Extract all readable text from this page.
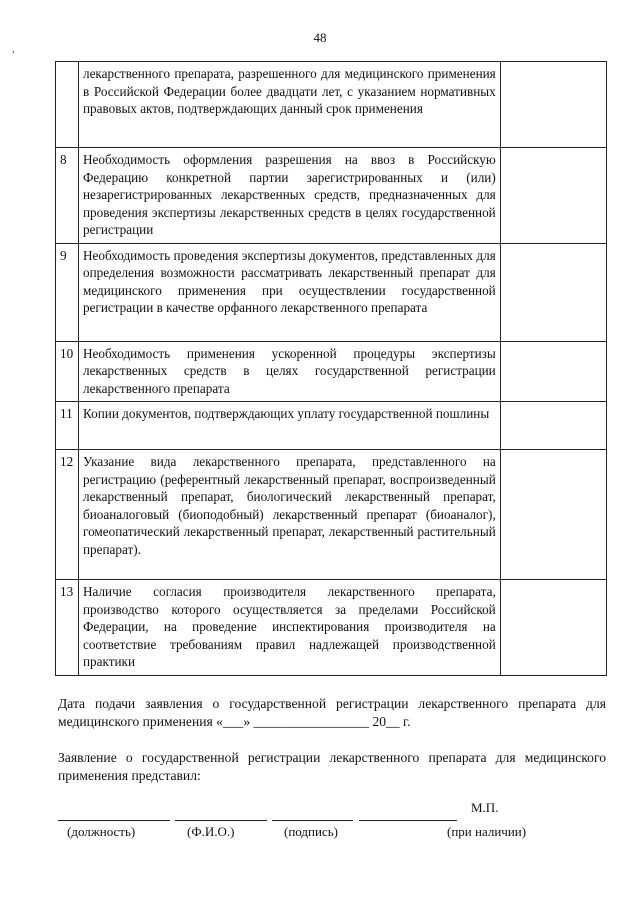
48
,
	лекарственного препарата, разрешенного для медицинского применения в Российской Федерации более двадцати лет, с указанием нормативных правовых актов, подтверждающих данный срок применения	
8	Необходимость оформления разрешения на ввоз в Российскую Федерацию конкретной партии зарегистрированных и (или) незарегистрированных лекарственных средств, предназначенных для проведения экспертизы лекарственных средств в целях государственной регистрации	
9	Необходимость проведения экспертизы документов, представленных для определения возможности рассматривать лекарственный препарат для медицинского применения при осуществлении государственной регистрации в качестве орфанного лекарственного препарата	
10	Необходимость применения ускоренной процедуры экспертизы лекарственных средств в целях государственной регистрации лекарственного препарата	
11	Копии документов, подтверждающих уплату государственной пошлины	
12	Указание вида лекарственного препарата, представленного на регистрацию (референтный лекарственный препарат, воспроизведенный лекарственный препарат, биологический лекарственный препарат, биоаналоговый (биоподобный) лекарственный препарат (биоаналог), гомеопатический лекарственный препарат, лекарственный растительный препарат).	
13	Наличие согласия производителя лекарственного препарата, производство которого осуществляется за пределами Российской Федерации, на проведение инспектирования производителя на соответствие требованиям правил надлежащей производственной практики	
Дата подачи заявления о государственной регистрации лекарственного препарата для медицинского применения «___» _________________ 20__ г.
Заявление о государственной регистрации лекарственного препарата для медицинского применения представил:
М.П.
(должность)	(Ф.И.О.)	(подпись)	(при наличии)
